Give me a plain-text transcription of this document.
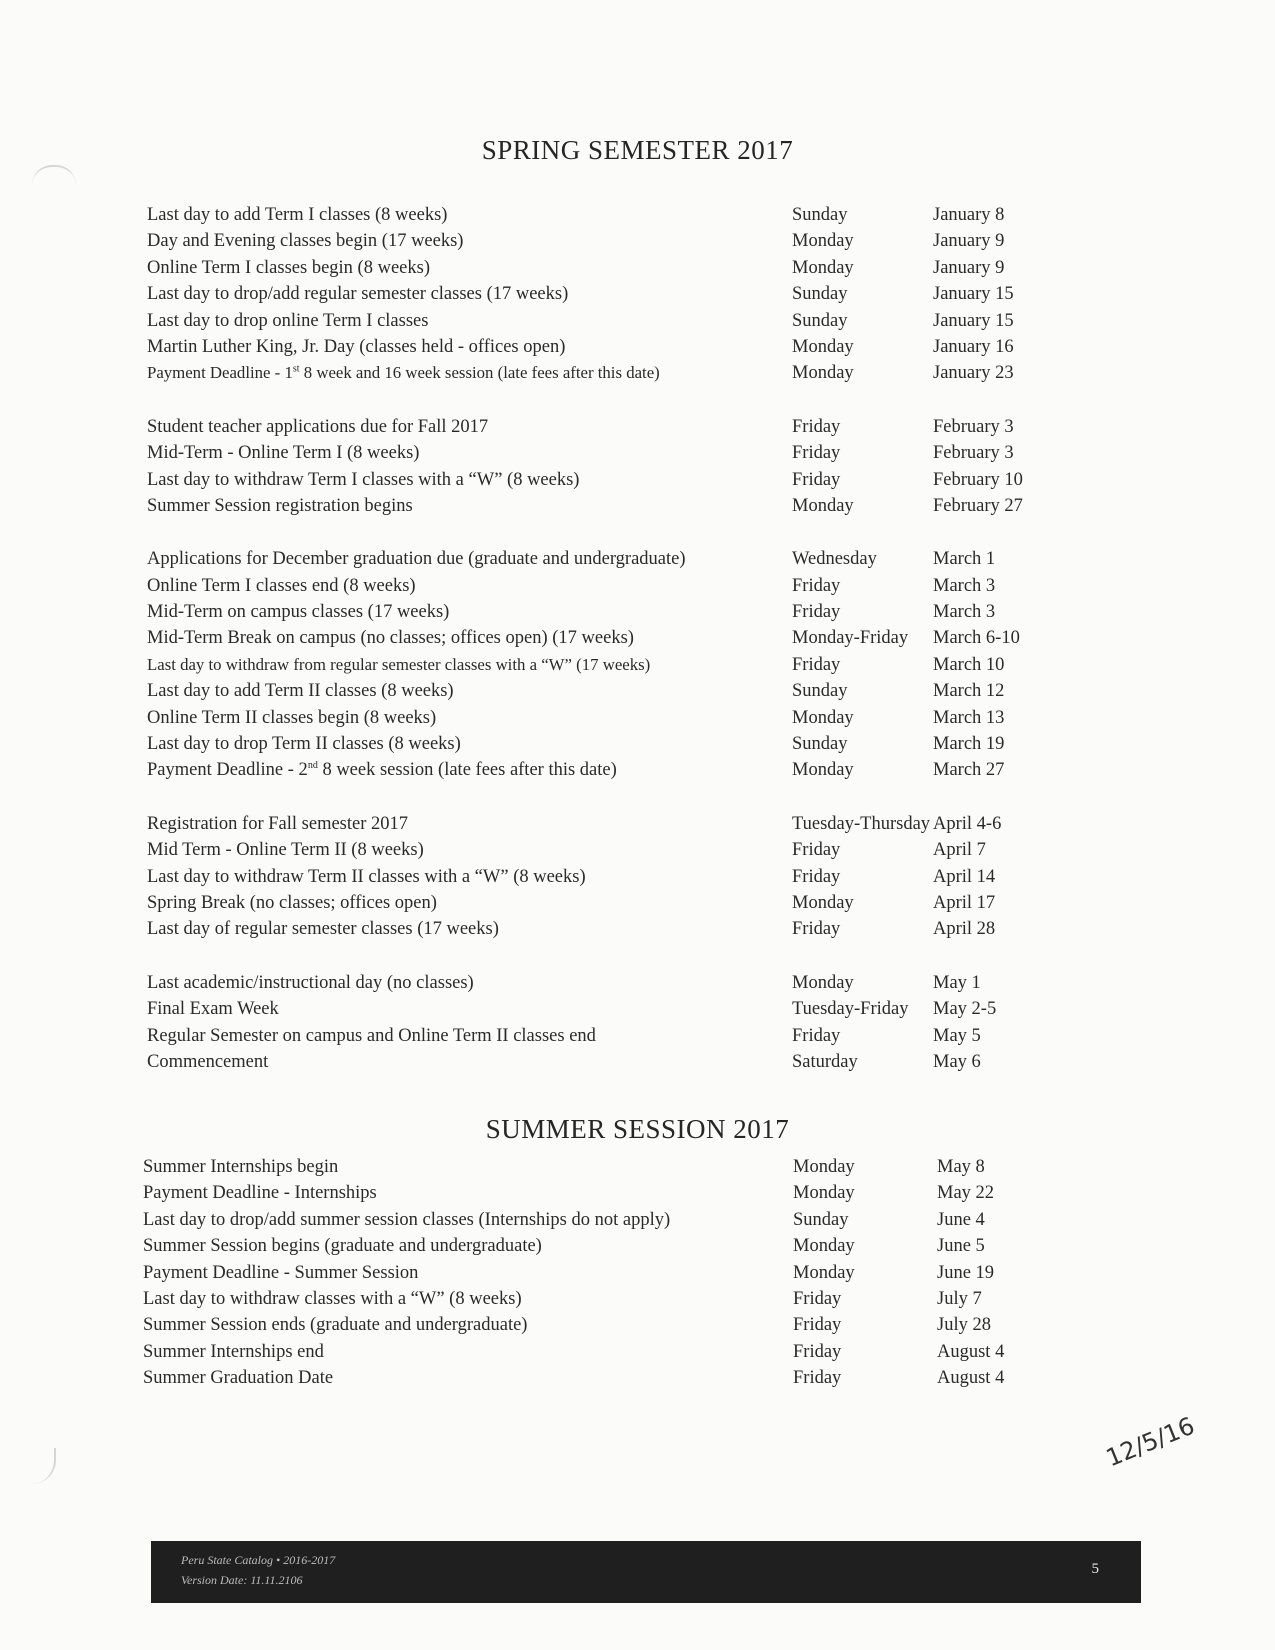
SPRING SEMESTER 2017
Last day to add Term I classes (8 weeks)	Sunday	January 8
Day and Evening classes begin (17 weeks)	Monday	January 9
Online Term I classes begin (8 weeks)	Monday	January 9
Last day to drop/add regular semester classes (17 weeks)	Sunday	January 15
Last day to drop online Term I classes	Sunday	January 15
Martin Luther King, Jr. Day (classes held - offices open)	Monday	January 16
Payment Deadline - 1st 8 week and 16 week session (late fees after this date)	Monday	January 23
Student teacher applications due for Fall 2017	Friday	February 3
Mid-Term - Online Term I (8 weeks)	Friday	February 3
Last day to withdraw Term I classes with a “W” (8 weeks)	Friday	February 10
Summer Session registration begins	Monday	February 27
Applications for December graduation due (graduate and undergraduate)	Wednesday	March 1
Online Term I classes end (8 weeks)	Friday	March 3
Mid-Term on campus classes (17 weeks)	Friday	March 3
Mid-Term Break on campus (no classes; offices open) (17 weeks)	Monday-Friday March 6-10
Last day to withdraw from regular semester classes with a “W” (17 weeks)	Friday	March 10
Last day to add Term II classes (8 weeks)	Sunday	March 12
Online Term II classes begin (8 weeks)	Monday	March 13
Last day to drop Term II classes (8 weeks)	Sunday	March 19
Payment Deadline - 2nd 8 week session (late fees after this date)	Monday	March 27
Registration for Fall semester 2017	Tuesday-Thursday April 4-6
Mid Term - Online Term II (8 weeks)	Friday	April 7
Last day to withdraw Term II classes with a “W” (8 weeks)	Friday	April 14
Spring Break (no classes; offices open)	Monday	April 17
Last day of regular semester classes (17 weeks)	Friday	April 28
Last academic/instructional day (no classes)	Monday	May 1
Final Exam Week	Tuesday-Friday May 2-5
Regular Semester on campus and Online Term II classes end	Friday	May 5
Commencement	Saturday	May 6
SUMMER SESSION 2017
Summer Internships begin	Monday	May 8
Payment Deadline - Internships	Monday	May 22
Last day to drop/add summer session classes (Internships do not apply)	Sunday	June 4
Summer Session begins (graduate and undergraduate)	Monday	June 5
Payment Deadline - Summer Session	Monday	June 19
Last day to withdraw classes with a “W” (8 weeks)	Friday	July 7
Summer Session ends (graduate and undergraduate)	Friday	July 28
Summer Internships end	Friday	August 4
Summer Graduation Date	Friday	August 4
12/5/16
Peru State Catalog • 2016-2017
Version Date: 11.11.2106
5
